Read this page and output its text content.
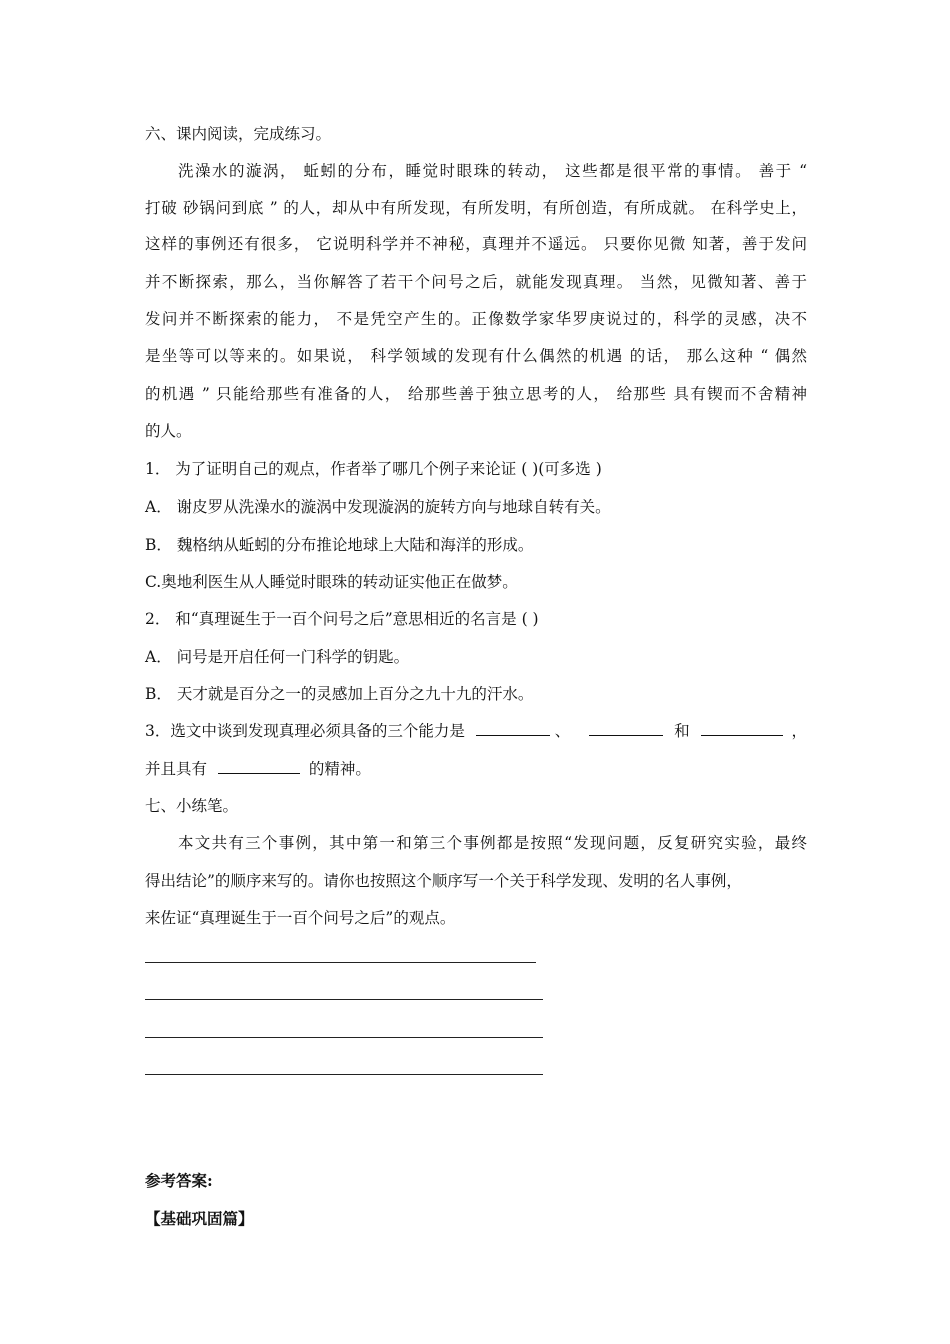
六、课内阅读，完成练习。
洗澡水的漩涡， 蚯蚓的分布，睡觉时眼珠的转动， 这些都是很平常的事情。 善于 “
打破 砂锅问到底 ” 的人，却从中有所发现，有所发明，有所创造，有所成就。 在科学史上，
这样的事例还有很多， 它说明科学并不神秘，真理并不遥远。 只要你见微 知著，善于发问
并不断探索，那么，当你解答了若干个问号之后，就能发现真理。 当然，见微知著、善于
发问并不断探索的能力， 不是凭空产生的。正像数学家华罗庚说过的，科学的灵感，决不
是坐等可以等来的。如果说， 科学领域的发现有什么偶然的机遇 的话， 那么这种 “ 偶然
的机遇 ” 只能给那些有准备的人， 给那些善于独立思考的人， 给那些 具有锲而不舍精神
的人。
1． 为了证明自己的观点，作者举了哪几个例子来论证 ( )(可多选 )
A． 谢皮罗从洗澡水的漩涡中发现漩涡的旋转方向与地球自转有关。
B． 魏格纳从蚯蚓的分布推论地球上大陆和海洋的形成。
C.奥地利医生从人睡觉时眼珠的转动证实他正在做梦。
2． 和“真理诞生于一百个问号之后”意思相近的名言是 ( )
A． 问号是开启任何一门科学的钥匙。
B． 天才就是百分之一的灵感加上百分之九十九的汗水。
3．选文中谈到发现真理必须具备的三个能力是	、	和	，
并且具有	的精神。
七、小练笔。
本文共有三个事例，其中第一和第三个事例都是按照“发现问题，反复研究实验，最终
得出结论”的顺序来写的。请你也按照这个顺序写一个关于科学发现、发明的名人事例，
来佐证“真理诞生于一百个问号之后”的观点。
参考答案:
【基础巩固篇】
